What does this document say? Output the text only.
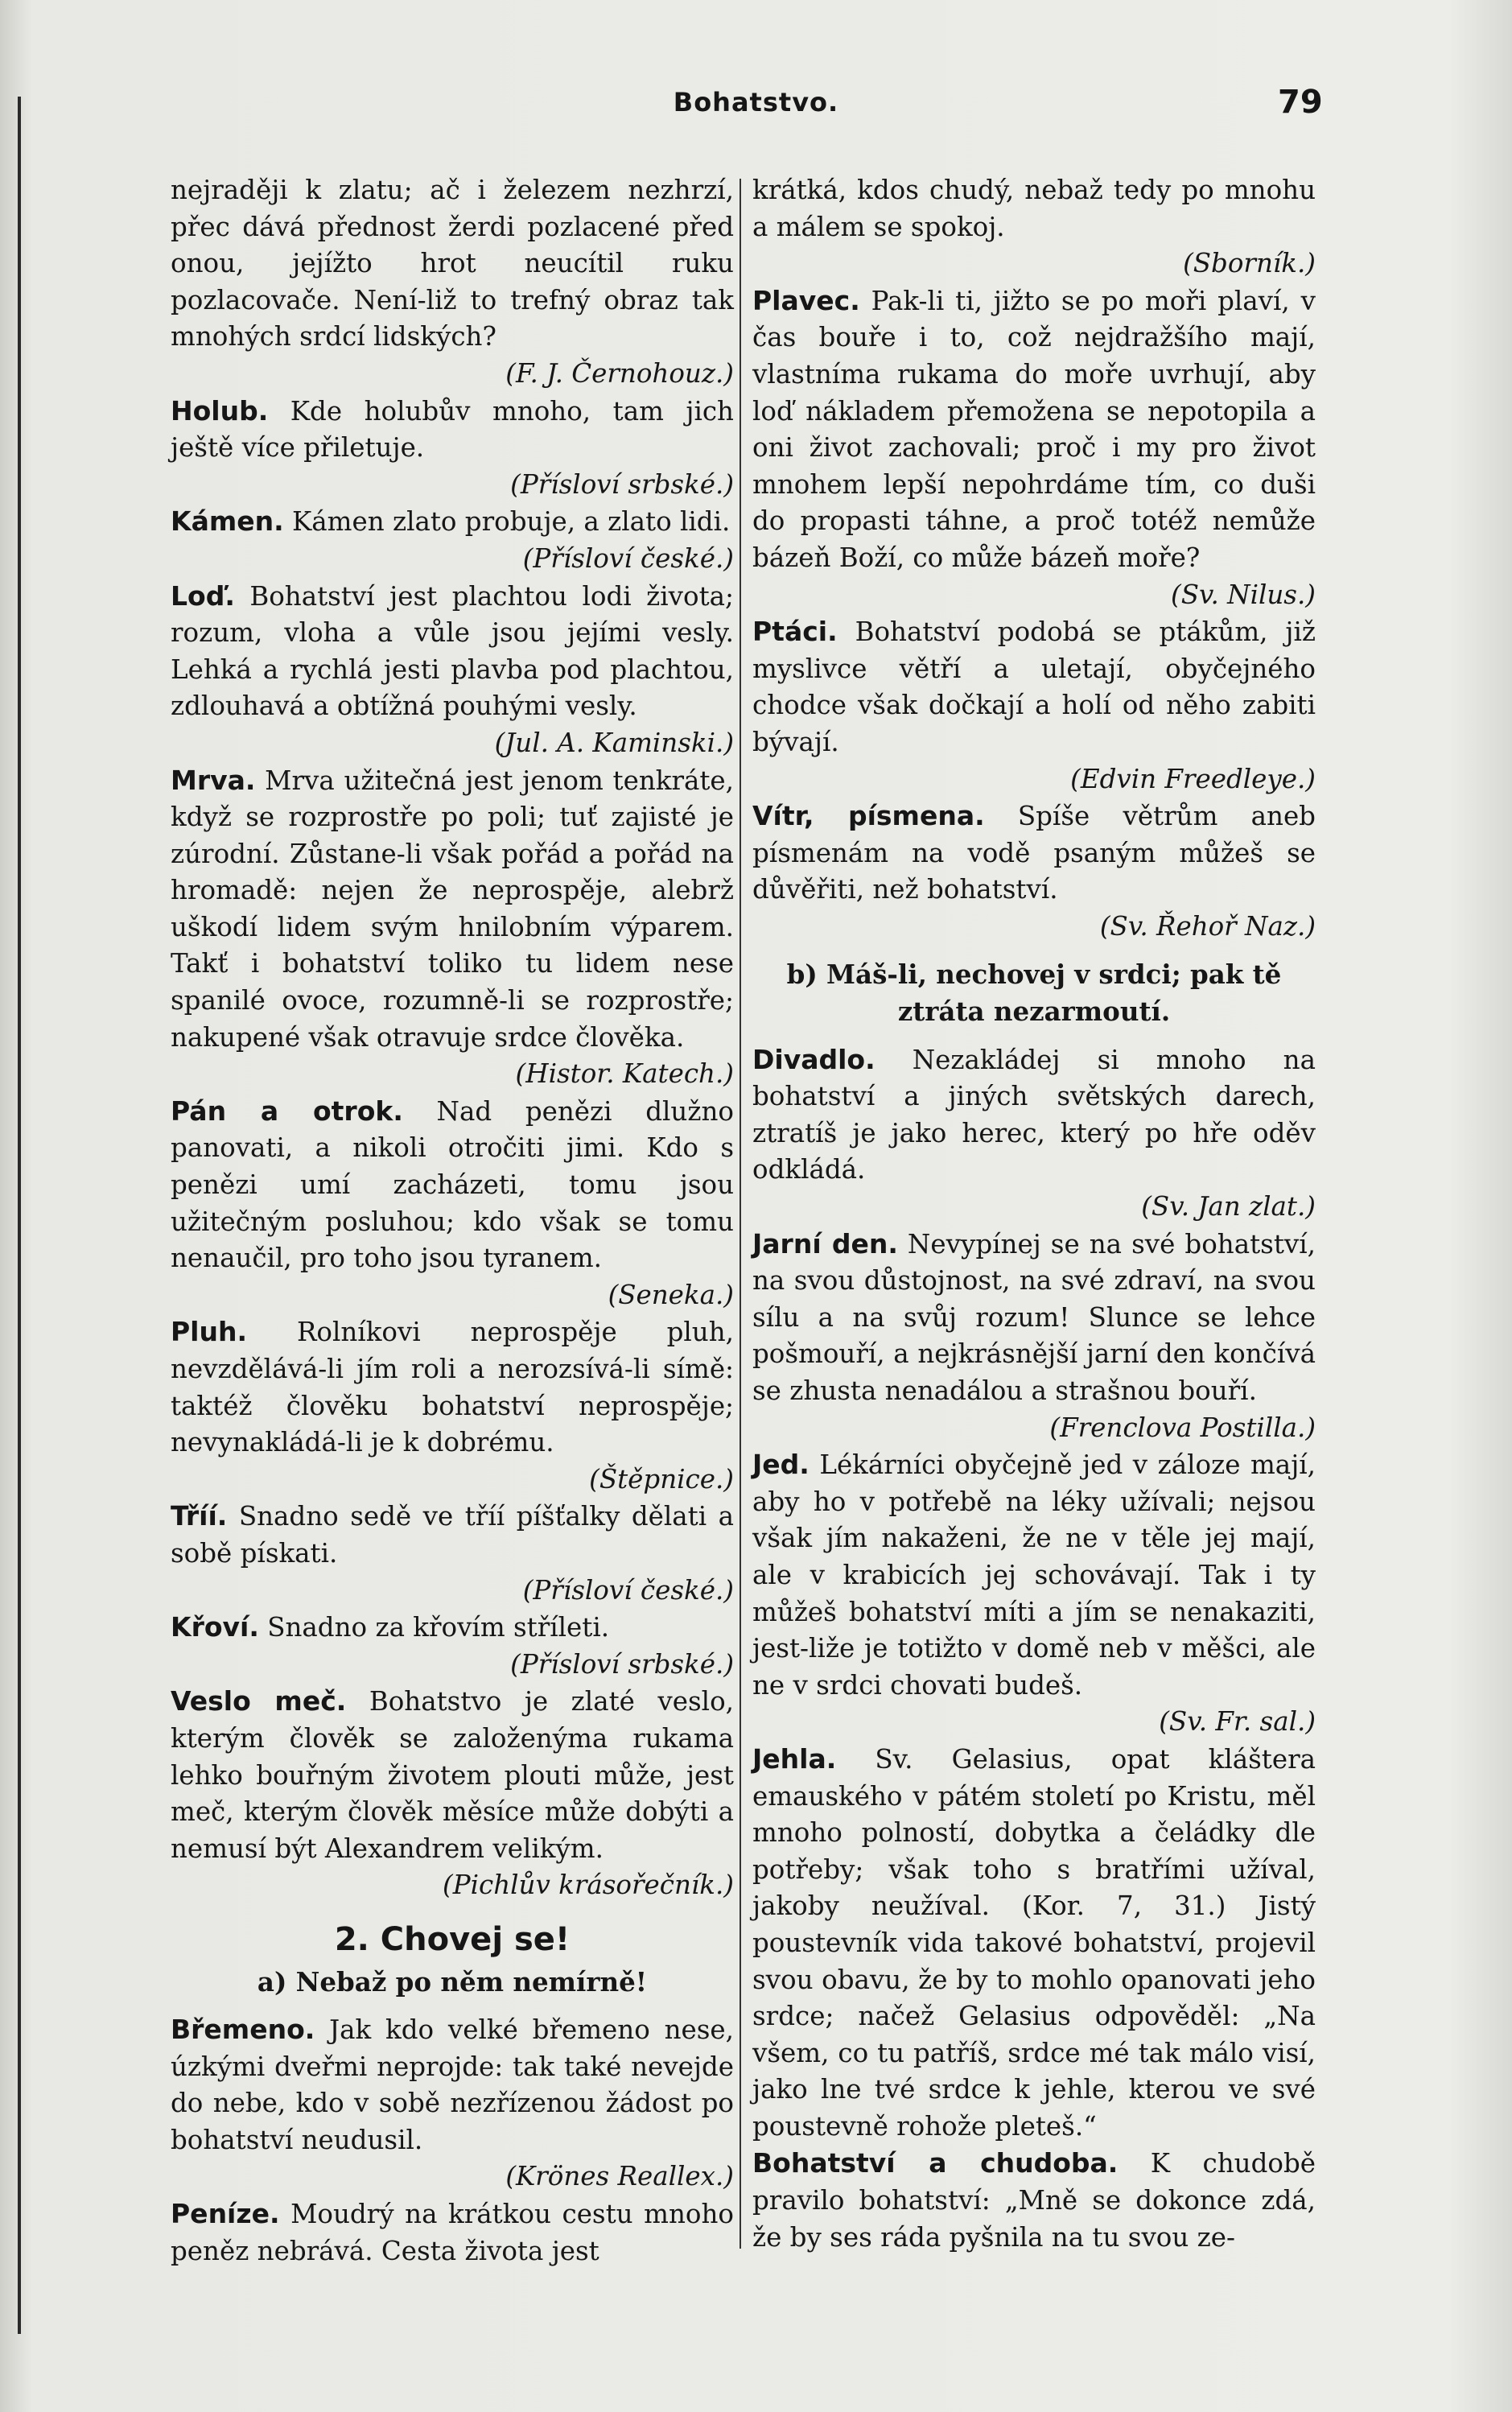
Bohatstvo.	79

nejraději k zlatu; ač i železem nezhrzí, přec dává přednost žerdi pozlacené před onou, jejížto hrot neucítil ruku pozlacovače. Není-liž to trefný obraz tak mnohých srdcí lidských?

(F. J. Černohouz.)

Holub. Kde holubův mnoho, tam jich ještě více přiletuje.

(Přísloví srbské.)

Kámen. Kámen zlato probuje, a zlato lidi.

(Přísloví české.)

Loď. Bohatství jest plachtou lodi života; rozum, vloha a vůle jsou jejími vesly. Lehká a rychlá jesti plavba pod plachtou, zdlouhavá a obtížná pouhými vesly.

(Jul. A. Kaminski.)

Mrva. Mrva užitečná jest jenom tenkráte, když se rozprostře po poli; tuť zajisté je zúrodní. Zůstane-li však pořád a pořád na hromadě: nejen že neprospěje, alebrž uškodí lidem svým hnilobním výparem. Takť i bohatství toliko tu lidem nese spanilé ovoce, rozumně-li se rozprostře; nakupené však otravuje srdce člověka.

(Histor. Katech.)

Pán a otrok. Nad penězi dlužno panovati, a nikoli otročiti jimi. Kdo s penězi umí zacházeti, tomu jsou užitečným posluhou; kdo však se tomu nenaučil, pro toho jsou tyranem.

(Seneka.)

Pluh. Rolníkovi neprospěje pluh, nevzdělává-li jím roli a nerozsívá-li símě: taktéž člověku bohatství neprospěje; nevynakládá-li je k dobrému.

(Štěpnice.)

Tříí. Snadno sedě ve tříí píšťalky dělati a sobě pískati.

(Přísloví české.)

Křoví. Snadno za křovím stříleti.

(Přísloví srbské.)

Veslo meč. Bohatstvo je zlaté veslo, kterým člověk se založenýma rukama lehko bouřným životem plouti může, jest meč, kterým člověk měsíce může dobýti a nemusí být Alexandrem velikým.

(Pichlův krásořečník.)

2. Chovej se!

a) Nebaž po něm nemírně!

Břemeno. Jak kdo velké břemeno nese, úzkými dveřmi neprojde: tak také nevejde do nebe, kdo v sobě nezřízenou žádost po bohatství neudusil.

(Krönes Reallex.)

Peníze. Moudrý na krátkou cestu mnoho peněz nebrává. Cesta života jest

krátká, kdos chudý, nebaž tedy po mnohu a málem se spokoj.

(Sborník.)

Plavec. Pak-li ti, jižto se po moři plaví, v čas bouře i to, což nejdražšího mají, vlastníma rukama do moře uvrhují, aby loď nákladem přemožena se nepotopila a oni život zachovali; proč i my pro život mnohem lepší nepohrdáme tím, co duši do propasti táhne, a proč totéž nemůže bázeň Boží, co může bázeň moře?

(Sv. Nilus.)

Ptáci. Bohatství podobá se ptákům, již myslivce větří a uletají, obyčejného chodce však dočkají a holí od něho zabiti bývají.

(Edvin Freedleye.)

Vítr, písmena. Spíše větrům aneb písmenám na vodě psaným můžeš se důvěřiti, než bohatství.

(Sv. Řehoř Naz.)

b) Máš-li, nechovej v srdci; pak tě ztráta nezarmoutí.

Divadlo. Nezakládej si mnoho na bohatství a jiných světských darech, ztratíš je jako herec, který po hře oděv odkládá.

(Sv. Jan zlat.)

Jarní den. Nevypínej se na své bohatství, na svou důstojnost, na své zdraví, na svou sílu a na svůj rozum! Slunce se lehce pošmouří, a nejkrásnější jarní den končívá se zhusta nenadálou a strašnou bouří.

(Frenclova Postilla.)

Jed. Lékárníci obyčejně jed v záloze mají, aby ho v potřebě na léky užívali; nejsou však jím nakaženi, že ne v těle jej mají, ale v krabicích jej schovávají. Tak i ty můžeš bohatství míti a jím se nenakaziti, jest-liže je totižto v domě neb v měšci, ale ne v srdci chovati budeš.

(Sv. Fr. sal.)

Jehla. Sv. Gelasius, opat kláštera emauského v pátém století po Kristu, měl mnoho polností, dobytka a čeládky dle potřeby; však toho s bratřími užíval, jakoby neužíval. (Kor. 7, 31.) Jistý poustevník vida takové bohatství, projevil svou obavu, že by to mohlo opanovati jeho srdce; načež Gelasius odpověděl: „Na všem, co tu patříš, srdce mé tak málo visí, jako lne tvé srdce k jehle, kterou ve své poustevně rohože pleteš.“

Bohatství a chudoba. K chudobě pravilo bohatství: „Mně se dokonce zdá, že by ses ráda pyšnila na tu svou ze-
